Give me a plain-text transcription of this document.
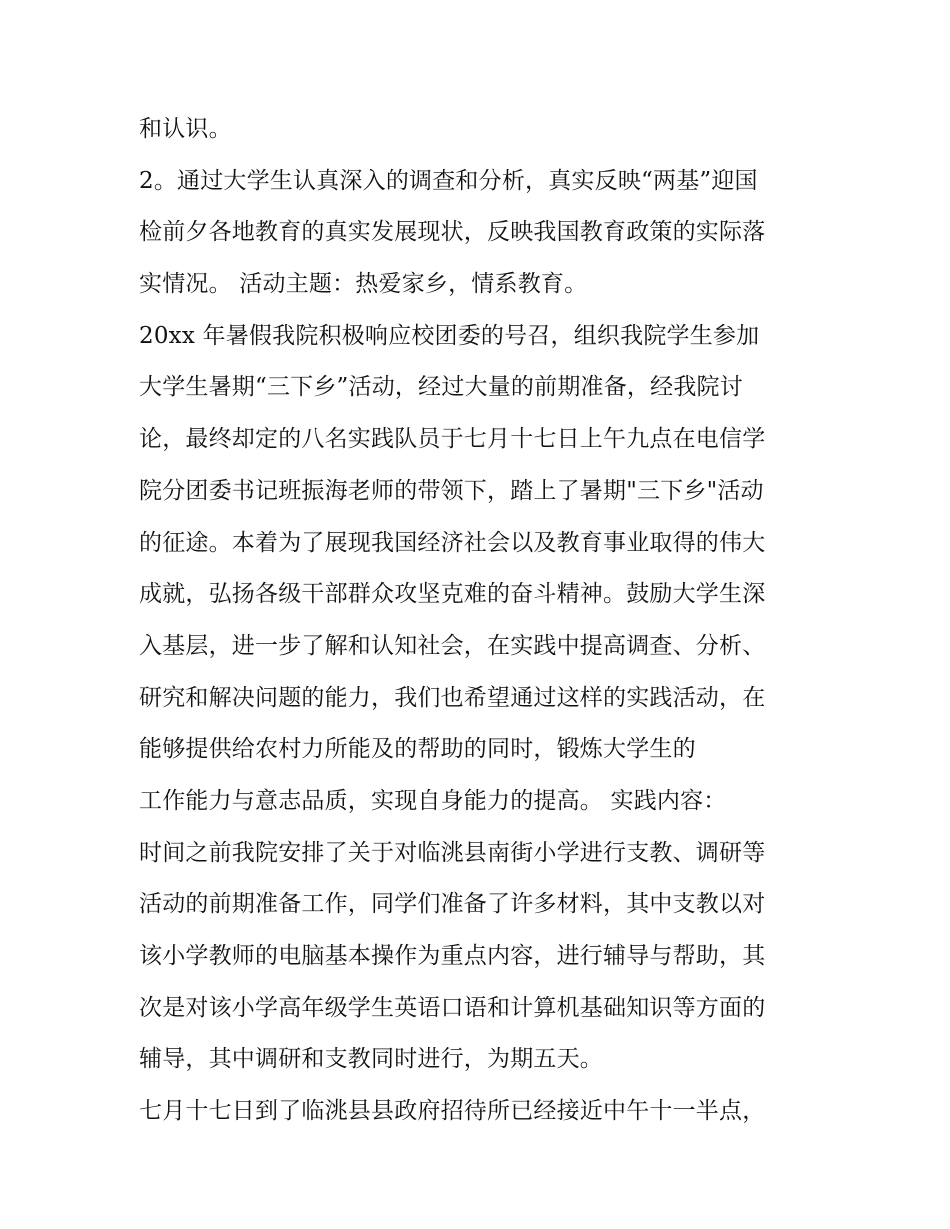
和认识。
2。通过大学生认真深入的调查和分析，真实反映“两基”迎国
检前夕各地教育的真实发展现状，反映我国教育政策的实际落
实情况。 活动主题：热爱家乡，情系教育。
20xx 年暑假我院积极响应校团委的号召，组织我院学生参加
大学生暑期“三下乡”活动，经过大量的前期准备，经我院讨
论，最终却定的八名实践队员于七月十七日上午九点在电信学
院分团委书记班振海老师的带领下，踏上了暑期"三下乡"活动
的征途。本着为了展现我国经济社会以及教育事业取得的伟大
成就，弘扬各级干部群众攻坚克难的奋斗精神。鼓励大学生深
入基层，进一步了解和认知社会，在实践中提高调查、分析、
研究和解决问题的能力，我们也希望通过这样的实践活动，在
能够提供给农村力所能及的帮助的同时，锻炼大学生的
工作能力与意志品质，实现自身能力的提高。 实践内容：
时间之前我院安排了关于对临洮县南街小学进行支教、调研等
活动的前期准备工作，同学们准备了许多材料，其中支教以对
该小学教师的电脑基本操作为重点内容，进行辅导与帮助，其
次是对该小学高年级学生英语口语和计算机基础知识等方面的
辅导，其中调研和支教同时进行，为期五天。
七月十七日到了临洮县县政府招待所已经接近中午十一半点，
